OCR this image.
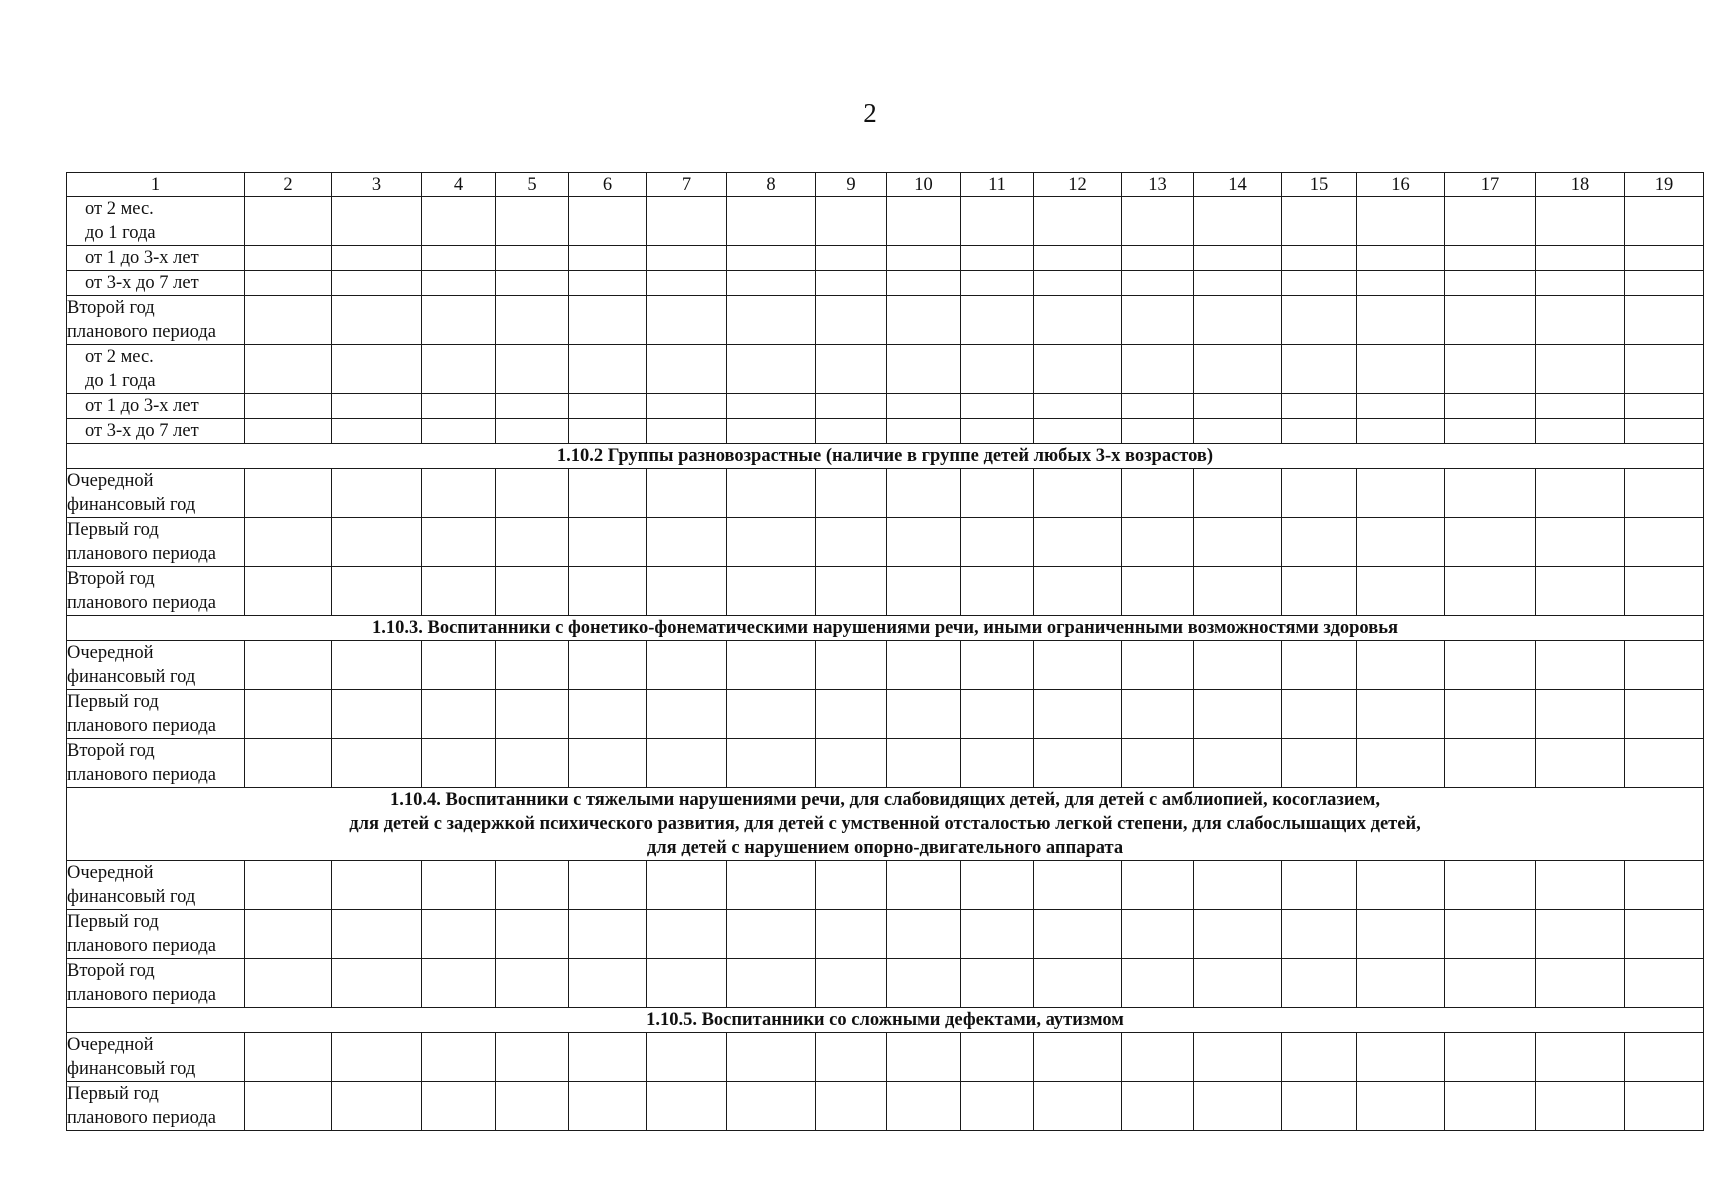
2
1	2	3	4	5	6	7	8	9	10	11	12	13	14	15	16	17	18	19

от 2 мес.
до 1 года																		

от 1 до 3-х лет																		

от 3-х до 7 лет																		

Второй год
планового периода																		

от 2 мес.
до 1 года																		

от 1 до 3-х лет																		

от 3-х до 7 лет																		

1.10.2 Группы разновозрастные (наличие в группе детей любых 3-х возрастов)																		

Очередной
финансовый год																		

Первый год
планового периода																		

Второй год
планового периода																		

1.10.3. Воспитанники с фонетико-фонематическими нарушениями речи, иными ограниченными возможностями здоровья																		

Очередной
финансовый год																		

Первый год
планового периода																		

Второй год
планового периода																		

1.10.4. Воспитанники с тяжелыми нарушениями речи, для слабовидящих детей, для детей с амблиопией, косоглазием,
для детей с задержкой психического развития, для детей с умственной отсталостью легкой степени, для слабослышащих детей,
для детей с нарушением опорно-двигательного аппарата																		

Очередной
финансовый год																		

Первый год
планового периода																		

Второй год
планового периода																		

1.10.5. Воспитанники со сложными дефектами, аутизмом																		

Очередной
финансовый год																		

Первый год
планового периода																		
